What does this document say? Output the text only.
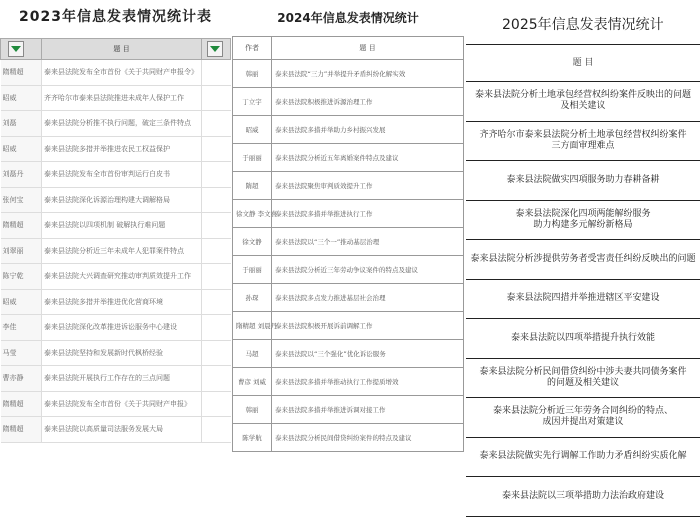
2023年信息发表情况统计表
	题 目	

隋精超	泰来县法院发布全市首份《关于共同财产申报令》	
昭威	齐齐哈尔市泰来县法院推进未成年人保护工作	
刘磊	泰来县法院分析推不执行问题，破定三条件特点	
昭威	泰来县法院多措并举推进农民工权益保护	
刘磊丹	泰来县法院发布全市首份审判运行白皮书	
张何宝	泰来县法院深化诉源治理构建大调解格局	
隋精超	泰来县法院以四项机制 破解执行难问题	
刘翠丽	泰来县法院分析近三年未成年人犯罪案件特点	
陈宁乾	泰来县法院大兴调查研究推动审判质效提升工作	
昭威	泰来县法院多措并举推进优化营商环境	
李佳	泰来县法院深化改革推进诉讼服务中心建设	
马莹	泰来县法院坚持和发展新时代枫桥经验	
曹亦静	泰来县法院开展执行工作存在的三点问题	
隋精超	泰来县法院发布全市首份《关于共同财产申报》	
隋精超	泰来县法院以高质量司法服务发展大局	
2024年信息发表情况统计
作者	题 目
韩丽	泰来县法院“三力”并举提升矛盾纠纷化解实效
丁立宇	泰来县法院积极推进诉源治理工作
昭威	泰来县法院多措并举助力乡村振兴发展
于丽丽	泰来县法院分析近五年离婚案件特点及建议
隋超	泰来县法院聚焦审判质效提升工作
徐文静 李文喜	泰来县法院多措并举推进执行工作
徐文静	泰来县法院以“三个一”推动基层治理
于丽丽	泰来县法院分析近三年劳动争议案件的特点及建议
孙琛	泰来县法院多点发力推进基层社会治理
隋精超 刘晨丹	泰来县法院积极开展诉前调解工作
马超	泰来县法院以“三个强化”优化诉讼服务
曹彦 刘威	泰来县法院多措并举推动执行工作提质增效
韩丽	泰来县法院多措并举推进诉调对接工作
陈学航	泰来县法院分析民间借贷纠纷案件的特点及建议
2025年信息发表情况统计
题 目
泰来县法院分析土地承包经营权纠纷案件反映出的问题
及相关建议
齐齐哈尔市泰来县法院分析土地承包经营权纠纷案件
三方面审理难点
泰来县法院做实四項服务助力春耕备耕
泰来县法院深化四项两能解纷服务
助力构建多元解纷新格局
泰来县法院分析涉提供劳务者受害责任纠纷反映出的问题
泰来县法院四措并举推进辖区平安建设
泰来县法院以四项举措提升执行效能
泰来县法院分析民间借贷纠纷中涉夫妻共同债务案件
的问题及相关建议
泰来县法院分析近三年劳务合同纠纷的特点、
成因并提出对策建议
泰来县法院做实先行调解工作助力矛盾纠纷实质化解
泰来县法院以三项举措助力法治政府建设
